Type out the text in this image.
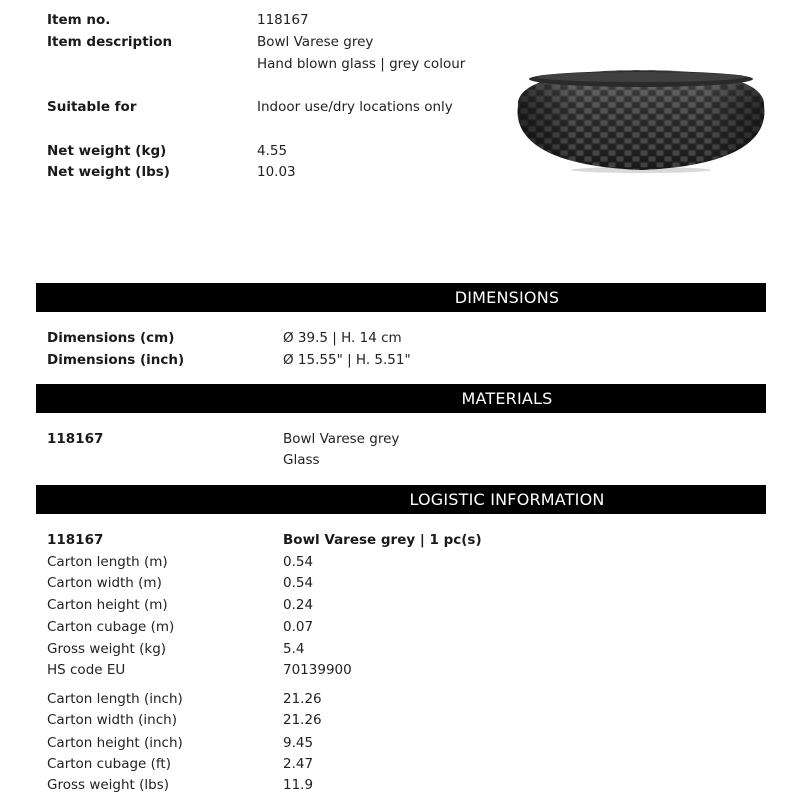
Item no.	118167
Item description	Bowl Varese grey
Hand blown glass | grey colour
Suitable for	Indoor use/dry locations only
Net weight (kg)	4.55
Net weight (lbs)	10.03
DIMENSIONS
Dimensions (cm)	Ø 39.5 | H. 14 cm
Dimensions (inch)	Ø 15.55" | H. 5.51"
MATERIALS
118167	Bowl Varese grey
Glass
LOGISTIC INFORMATION
118167	Bowl Varese grey | 1 pc(s)
Carton length (m)	0.54
Carton width (m)	0.54
Carton height (m)	0.24
Carton cubage (m)	0.07
Gross weight (kg)	5.4
HS code EU	70139900
Carton length (inch)	21.26
Carton width (inch)	21.26
Carton height (inch)	9.45
Carton cubage (ft)	2.47
Gross weight (lbs)	11.9
